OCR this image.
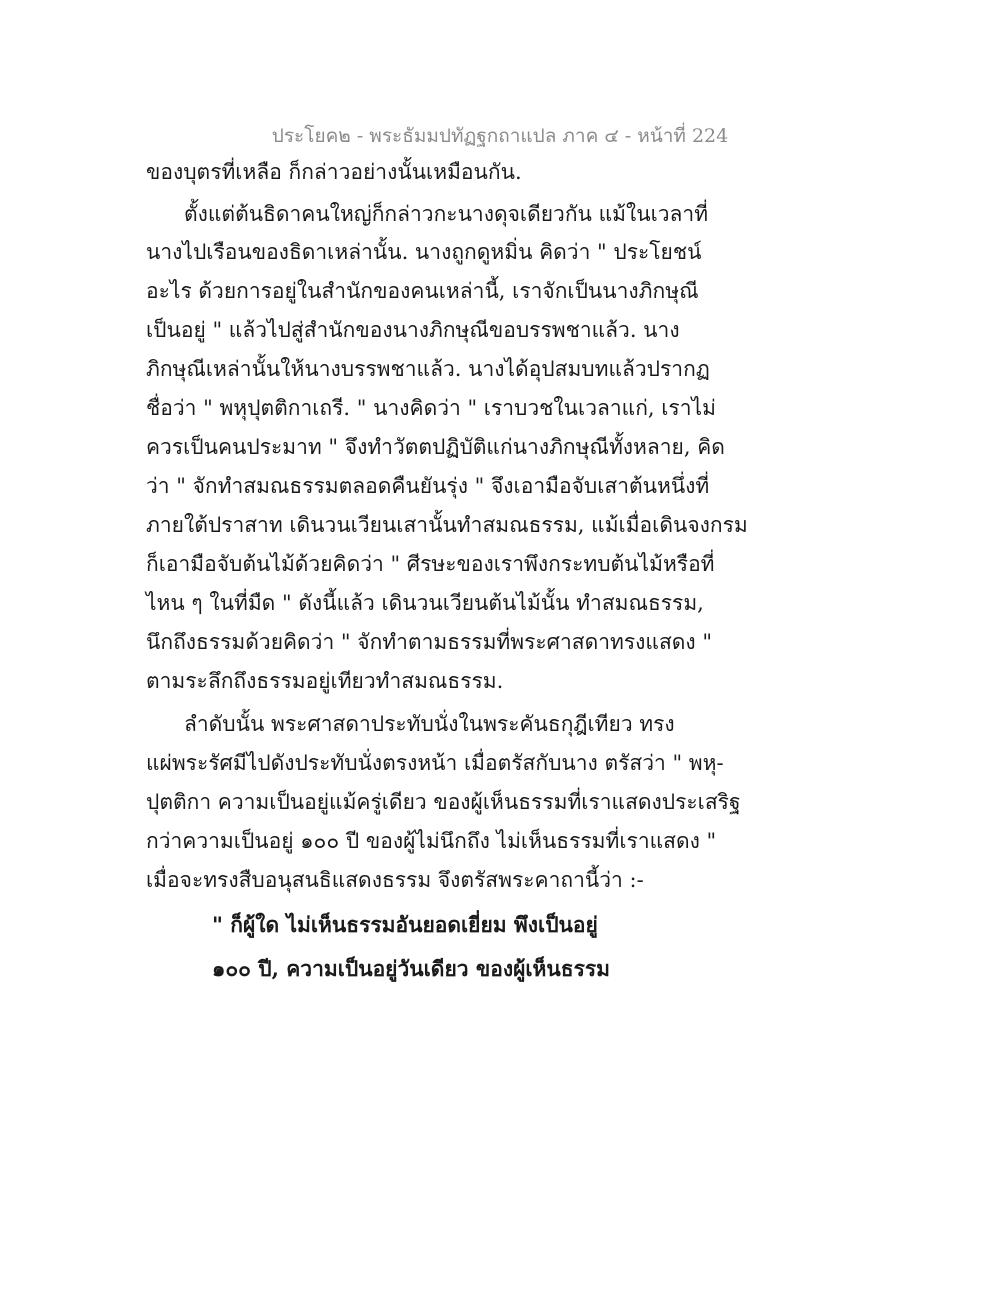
ประโยค๒ - พระธัมมปทัฏฐกถาแปล ภาค ๔ - หน้าที่ 224

ของบุตรที่เหลือ ก็กล่าวอย่างนั้นเหมือนกัน.

ตั้งแต่ต้นธิดาคนใหญ่ก็กล่าวกะนางดุจเดียวกัน แม้ในเวลาที่

นางไปเรือนของธิดาเหล่านั้น. นางถูกดูหมิ่น คิดว่า " ประโยชน์

อะไร ด้วยการอยู่ในสำนักของคนเหล่านี้, เราจักเป็นนางภิกษุณี

เป็นอยู่ " แล้วไปสู่สำนักของนางภิกษุณีขอบรรพชาแล้ว. นาง

ภิกษุณีเหล่านั้นให้นางบรรพชาแล้ว. นางได้อุปสมบทแล้วปรากฏ

ชื่อว่า " พหุปุตติกาเถรี. " นางคิดว่า " เราบวชในเวลาแก่, เราไม่

ควรเป็นคนประมาท " จึงทำวัตตปฏิบัติแก่นางภิกษุณีทั้งหลาย, คิด

ว่า " จักทำสมณธรรมตลอดคืนยันรุ่ง " จึงเอามือจับเสาต้นหนึ่งที่

ภายใต้ปราสาท เดินวนเวียนเสานั้นทำสมณธรรม, แม้เมื่อเดินจงกรม

ก็เอามือจับต้นไม้ด้วยคิดว่า " ศีรษะของเราพึงกระทบต้นไม้หรือที่

ไหน ๆ ในที่มืด " ดังนี้แล้ว เดินวนเวียนต้นไม้นั้น ทำสมณธรรม,

นึกถึงธรรมด้วยคิดว่า " จักทำตามธรรมที่พระศาสดาทรงแสดง "

ตามระลึกถึงธรรมอยู่เทียวทำสมณธรรม.

ลำดับนั้น พระศาสดาประทับนั่งในพระคันธกุฎีเทียว ทรง

แผ่พระรัศมีไปดังประทับนั่งตรงหน้า เมื่อตรัสกับนาง ตรัสว่า " พหุ-

ปุตติกา ความเป็นอยู่แม้ครู่เดียว ของผู้เห็นธรรมที่เราแสดงประเสริฐ

กว่าความเป็นอยู่ ๑๐๐ ปี ของผู้ไม่นึกถึง ไม่เห็นธรรมที่เราแสดง "

เมื่อจะทรงสืบอนุสนธิแสดงธรรม จึงตรัสพระคาถานี้ว่า :-

" ก็ผู้ใด ไม่เห็นธรรมอันยอดเยี่ยม พึงเป็นอยู่

๑๐๐ ปี, ความเป็นอยู่วันเดียว ของผู้เห็นธรรม
